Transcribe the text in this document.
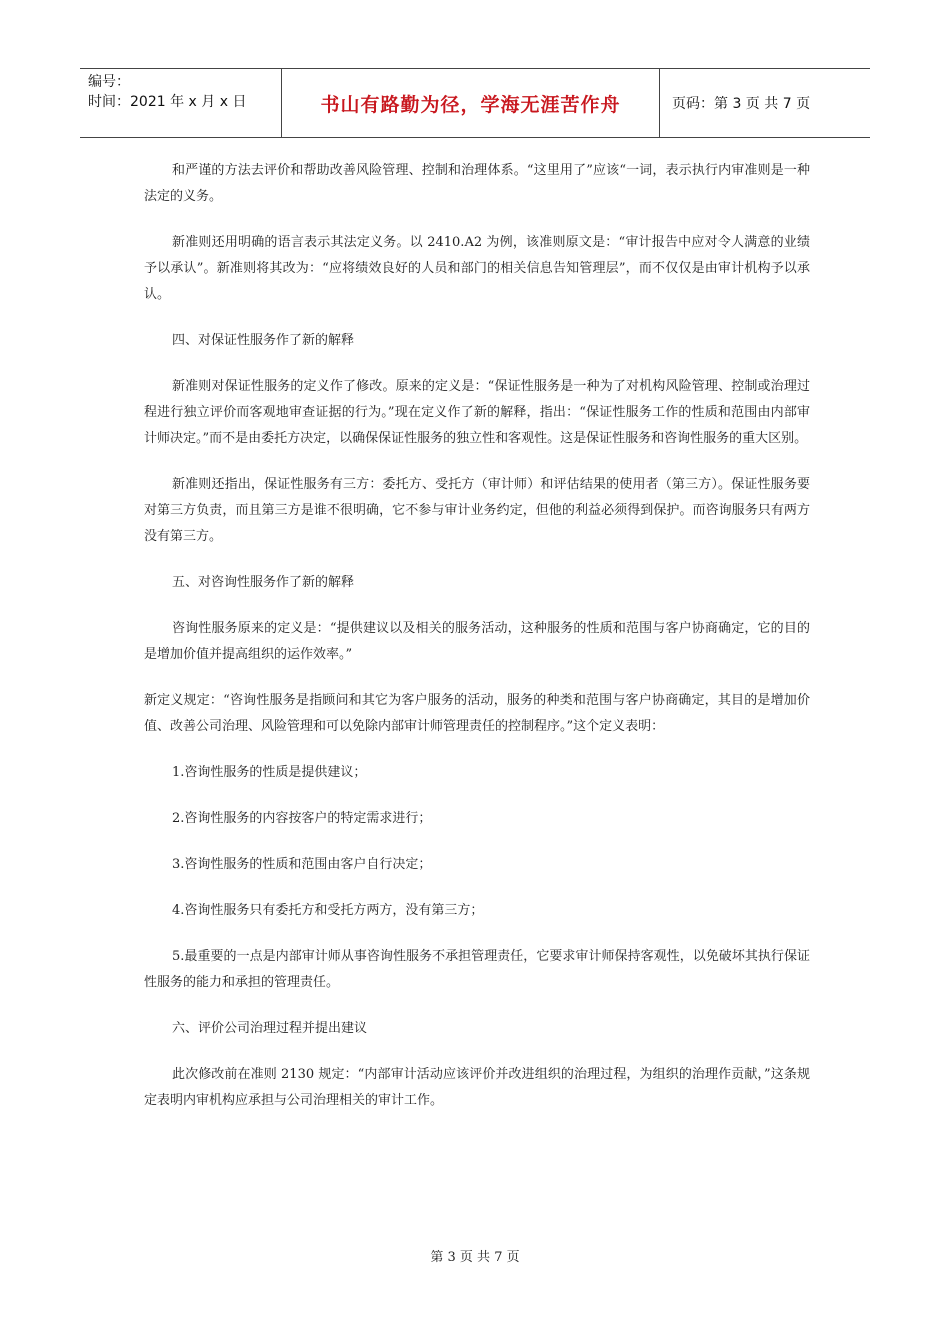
编号：
时间：2021 年 x 月 x 日	书山有路勤为径，学海无涯苦作舟	页码：第 3 页 共 7 页

和严谨的方法去评价和帮助改善风险管理、控制和治理体系。“这里用了”应该“一词，表示执行内审准则是一种法定的义务。

新准则还用明确的语言表示其法定义务。以 2410.A2 为例，该准则原文是：“审计报告中应对令人满意的业绩予以承认”。新准则将其改为：“应将绩效良好的人员和部门的相关信息告知管理层”，而不仅仅是由审计机构予以承认。

四、对保证性服务作了新的解释

新准则对保证性服务的定义作了修改。原来的定义是：“保证性服务是一种为了对机构风险管理、控制或治理过程进行独立评价而客观地审查证据的行为。”现在定义作了新的解释，指出：“保证性服务工作的性质和范围由内部审计师决定。”而不是由委托方决定，以确保保证性服务的独立性和客观性。这是保证性服务和咨询性服务的重大区别。

新准则还指出，保证性服务有三方：委托方、受托方（审计师）和评估结果的使用者（第三方）。保证性服务要对第三方负责，而且第三方是谁不很明确，它不参与审计业务约定，但他的利益必须得到保护。而咨询服务只有两方没有第三方。

五、对咨询性服务作了新的解释

咨询性服务原来的定义是：“提供建议以及相关的服务活动，这种服务的性质和范围与客户协商确定，它的目的是增加价值并提高组织的运作效率。”

新定义规定：“咨询性服务是指顾问和其它为客户服务的活动，服务的种类和范围与客户协商确定，其目的是增加价值、改善公司治理、风险管理和可以免除内部审计师管理责任的控制程序。”这个定义表明：

1.咨询性服务的性质是提供建议；

2.咨询性服务的内容按客户的特定需求进行；

3.咨询性服务的性质和范围由客户自行决定；

4.咨询性服务只有委托方和受托方两方，没有第三方；

5.最重要的一点是内部审计师从事咨询性服务不承担管理责任，它要求审计师保持客观性，以免破坏其执行保证性服务的能力和承担的管理责任。

六、评价公司治理过程并提出建议

此次修改前在准则 2130 规定：“内部审计活动应该评价并改进组织的治理过程，为组织的治理作贡献，”这条规定表明内审机构应承担与公司治理相关的审计工作。

第 3 页 共 7 页
